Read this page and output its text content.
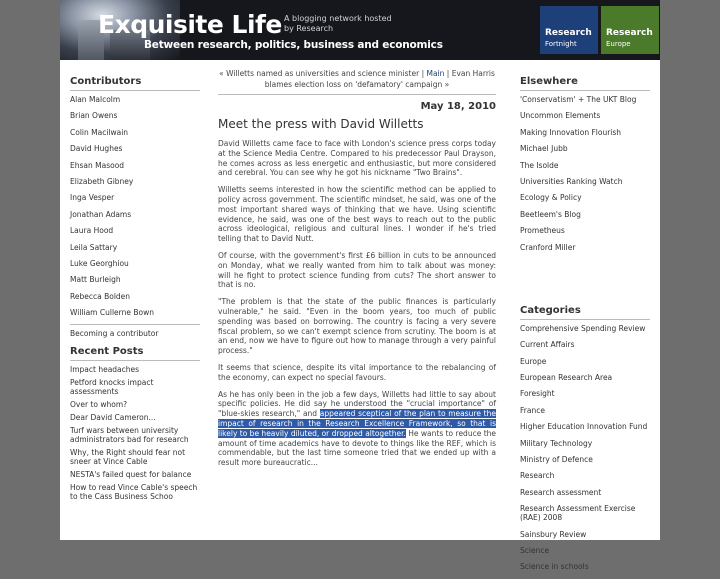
Exquisite Life A blogging network hosted by Research
Between research, politics, business and economics
Research
Fortnight
Research
Europe
Contributors
Alan Malcolm
Brian Owens
Colin Macilwain
David Hughes
Ehsan Masood
Elizabeth Gibney
Inga Vesper
Jonathan Adams
Laura Hood
Leila Sattary
Luke Georghiou
Matt Burleigh
Rebecca Bolden
William Cullerne Bown
Becoming a contributor
Recent Posts
Impact headaches
Petford knocks impact assessments
Over to whom?
Dear David Cameron...
Turf wars between university administrators bad for research
Why, the Right should fear not sneer at Vince Cable
NESTA's failed quest for balance
How to read Vince Cable's speech to the Cass Business Schoo
« Willetts named as universities and science minister | Main | Evan Harris blames election loss on 'defamatory' campaign »
May 18, 2010
Meet the press with David Willetts

David Willetts came face to face with London's science press corps today at the Science Media Centre. Compared to his predecessor Paul Drayson, he comes across as less energetic and enthusiastic, but more considered and cerebral. You can see why he got his nickname "Two Brains".

Willetts seems interested in how the scientific method can be applied to policy across government. The scientific mindset, he said, was one of the most important shared ways of thinking that we have. Using scientific evidence, he said, was one of the best ways to reach out to the public across ideological, religious and cultural lines. I wonder if he's tried telling that to David Nutt.

Of course, with the government's first £6 billion in cuts to be announced on Monday, what we really wanted from him to talk about was money: will he fight to protect science funding from cuts? The short answer to that is no.

"The problem is that the state of the public finances is particularly vulnerable," he said. "Even in the boom years, too much of public spending was based on borrowing. The country is facing a very severe fiscal problem, so we can't exempt science from scrutiny. The boom is at an end, now we have to figure out how to manage through a very painful process."

It seems that science, despite its vital importance to the rebalancing of the economy, can expect no special favours.

As he has only been in the job a few days, Willetts had little to say about specific policies. He did say he understood the "crucial importance" of "blue-skies research," and appeared sceptical of the plan to measure the impact of research in the Research Excellence Framework, so that is likely to be heavily diluted, or dropped altogether. He wants to reduce the amount of time academics have to devote to things like the REF, which is commendable, but the last time someone tried that we ended up with a result more bureaucratic...

Elsewhere
'Conservatism' + The UKT Blog
Uncommon Elements
Making Innovation Flourish
Michael Jubb
The Isolde
Universities Ranking Watch
Ecology & Policy
Beetleem's Blog
Prometheus
Cranford Miller
Categories
Comprehensive Spending Review
Current Affairs
Europe
European Research Area
Foresight
France
Higher Education Innovation Fund
Military Technology
Ministry of Defence
Research
Research assessment
Research Assessment Exercise (RAE) 2008
Sainsbury Review
Science
Science in schools
